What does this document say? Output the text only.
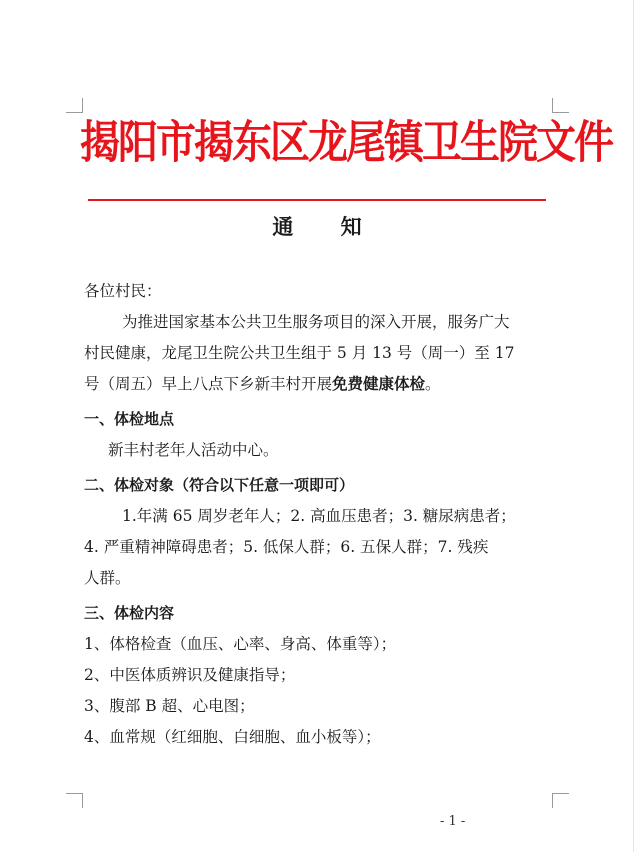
揭阳市揭东区龙尾镇卫生院文件
通 知
各位村民：
为推进国家基本公共卫生服务项目的深入开展，服务广大
村民健康，龙尾卫生院公共卫生组于 5 月 13 号（周一）至 17
号（周五）早上八点下乡新丰村开展免费健康体检。
一、体检地点
新丰村老年人活动中心。
二、体检对象（符合以下任意一项即可）
1.年满 65 周岁老年人；2. 高血压患者；3. 糖尿病患者；
4. 严重精神障碍患者；5. 低保人群；6. 五保人群；7. 残疾
人群。
三、体检内容
1、体格检查（血压、心率、身高、体重等）；
2、中医体质辨识及健康指导；
3、腹部 B 超、心电图；
4、血常规（红细胞、白细胞、血小板等）；
- 1 -
